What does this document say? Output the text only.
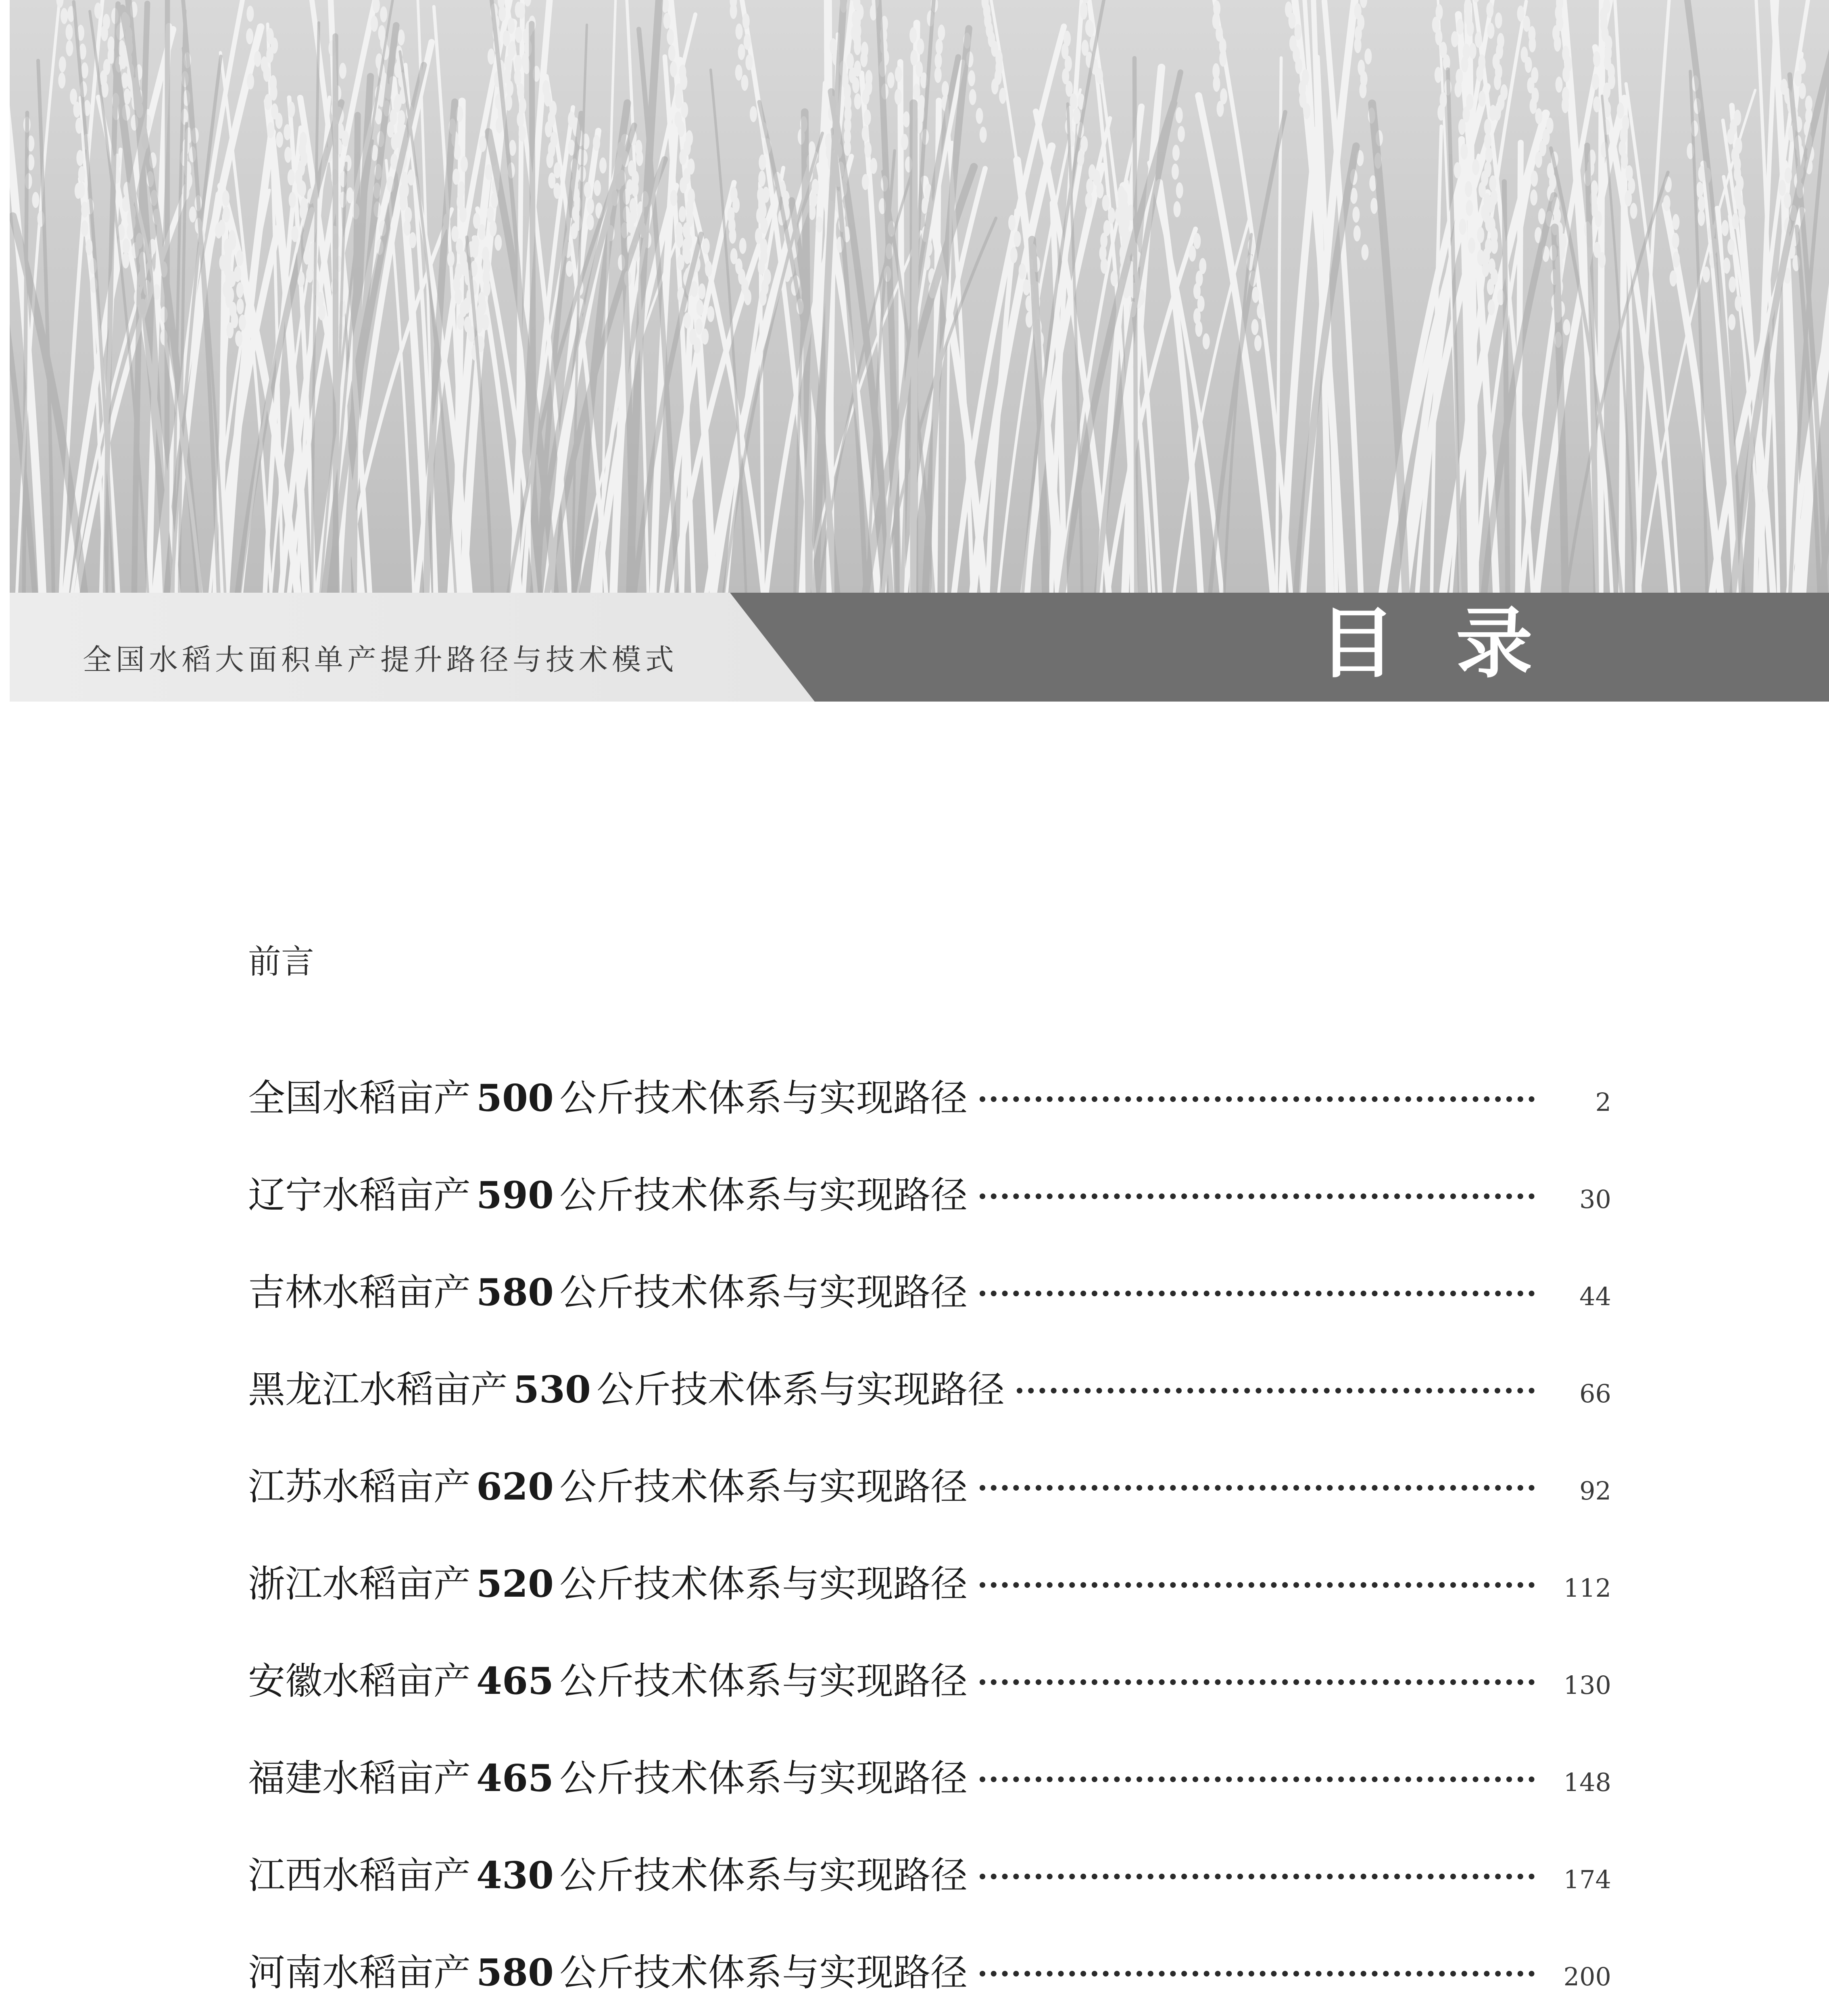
全国水稻大面积单产提升路径与技术模式	目录
前言
全国水稻亩产 500 公斤技术体系与实现路径	2
辽宁水稻亩产 590 公斤技术体系与实现路径	30
吉林水稻亩产 580 公斤技术体系与实现路径	44
黑龙江水稻亩产 530 公斤技术体系与实现路径	66
江苏水稻亩产 620 公斤技术体系与实现路径	92
浙江水稻亩产 520 公斤技术体系与实现路径	112
安徽水稻亩产 465 公斤技术体系与实现路径	130
福建水稻亩产 465 公斤技术体系与实现路径	148
江西水稻亩产 430 公斤技术体系与实现路径	174
河南水稻亩产 580 公斤技术体系与实现路径	200
